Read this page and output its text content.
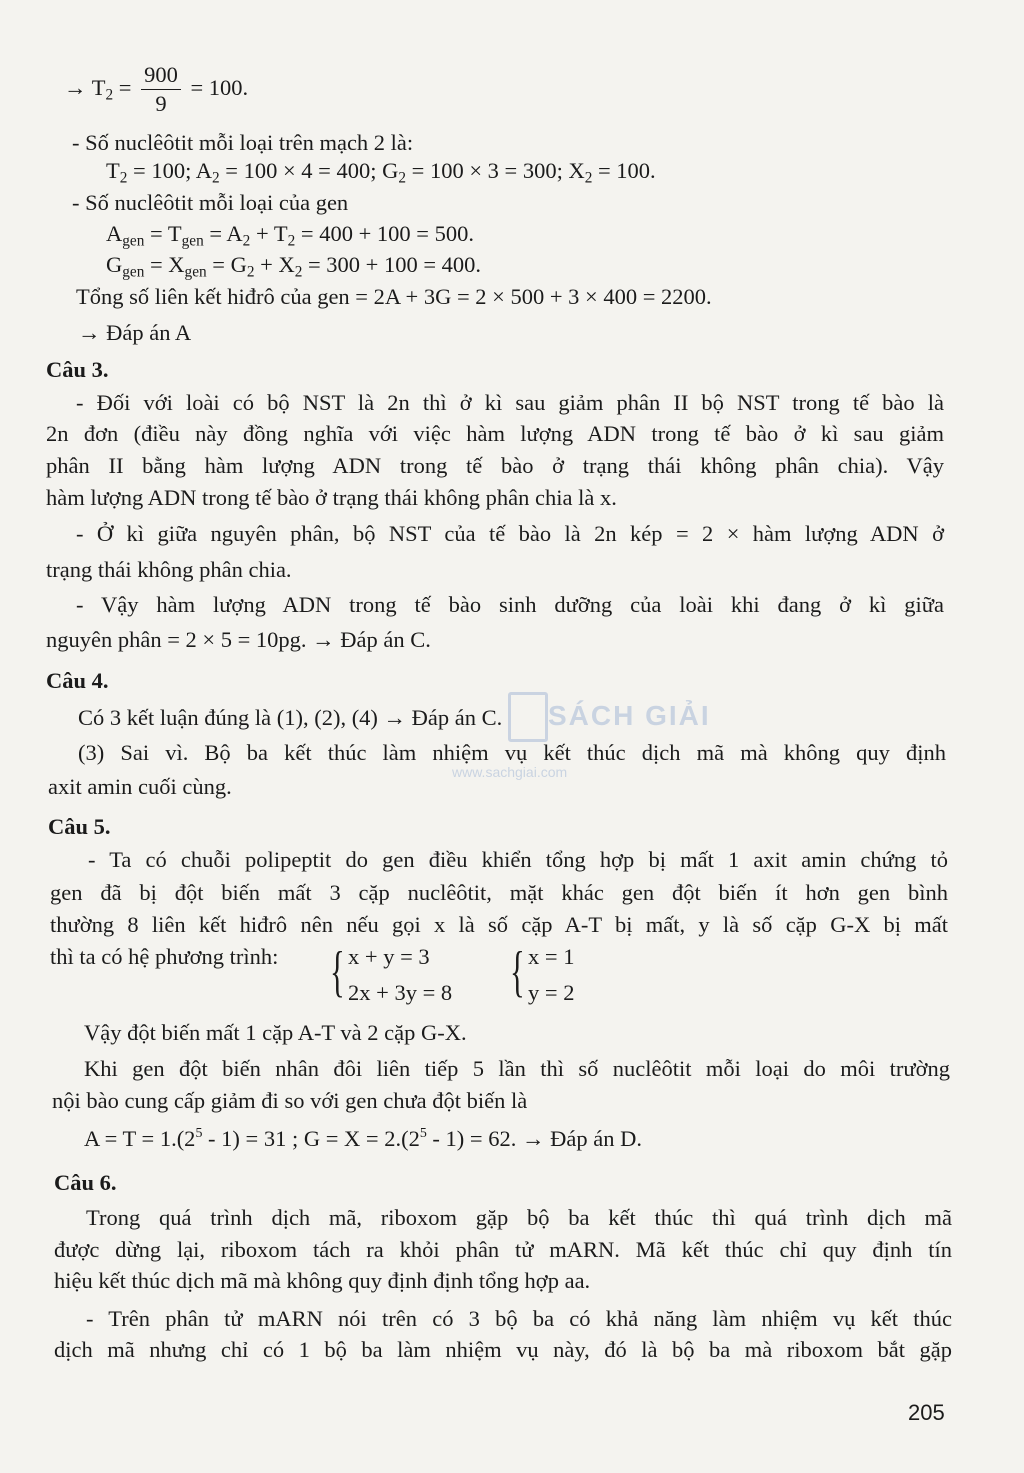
SÁCH GIẢI
www.sachgiai.com
→ $T_2 = \frac{900}{9} = 100$.
- Số nuclêôtit mỗi loại trên mạch 2 là:
$T_2 = 100$; $A_2 = 100 \times 4 = 400$; $G_2 = 100 \times 3 = 300$; $X_2 = 100$.
- Số nuclêôtit mỗi loại của gen
$A_{gen} = T_{gen} = A_2 + T_2 = 400 + 100 = 500$.
$G_{gen} = X_{gen} = G_2 + X_2 = 300 + 100 = 400$.
Tổng số liên kết hiđrô của gen = 2A + 3G = 2 × 500 + 3 × 400 = 2200.
→ Đáp án A
Câu 3.
- Đối với loài có bộ NST là 2n thì ở kì sau giảm phân II bộ NST trong tế bào là
2n đơn (điều này đồng nghĩa với việc hàm lượng ADN trong tế bào ở kì sau giảm
phân II bằng hàm lượng ADN trong tế bào ở trạng thái không phân chia). Vậy
hàm lượng ADN trong tế bào ở trạng thái không phân chia là x.
- Ở kì giữa nguyên phân, bộ NST của tế bào là 2n kép = 2 × hàm lượng ADN ở
trạng thái không phân chia.
- Vậy hàm lượng ADN trong tế bào sinh dưỡng của loài khi đang ở kì giữa
nguyên phân = 2 × 5 = 10pg. → Đáp án C.
Câu 4.
Có 3 kết luận đúng là (1), (2), (4) → Đáp án C.
(3) Sai vì. Bộ ba kết thúc làm nhiệm vụ kết thúc dịch mã mà không quy định
axit amin cuối cùng.
Câu 5.
- Ta có chuỗi polipeptit do gen điều khiển tổng hợp bị mất 1 axit amin chứng tỏ
gen đã bị đột biến mất 3 cặp nuclêôtit, mặt khác gen đột biến ít hơn gen bình
thường 8 liên kết hiđrô nên nếu gọi x là số cặp A-T bị mất, y là số cặp G-X bị mất
thì ta có hệ phương trình: { x + y = 3
2x + 3y = 8 { x = 1
y = 2
Vậy đột biến mất 1 cặp A-T và 2 cặp G-X.
Khi gen đột biến nhân đôi liên tiếp 5 lần thì số nuclêôtit mỗi loại do môi trường
nội bào cung cấp giảm đi so với gen chưa đột biến là
$A = T = 1.(2^5 - 1) = 31$ ; $G = X = 2.(2^5 - 1) = 62$. → Đáp án D.
Câu 6.
Trong quá trình dịch mã, riboxom gặp bộ ba kết thúc thì quá trình dịch mã
được dừng lại, riboxom tách ra khỏi phân tử mARN. Mã kết thúc chỉ quy định tín
hiệu kết thúc dịch mã mà không quy định định tổng hợp aa.
- Trên phân tử mARN nói trên có 3 bộ ba có khả năng làm nhiệm vụ kết thúc
dịch mã nhưng chỉ có 1 bộ ba làm nhiệm vụ này, đó là bộ ba mà riboxom bắt gặp
205
